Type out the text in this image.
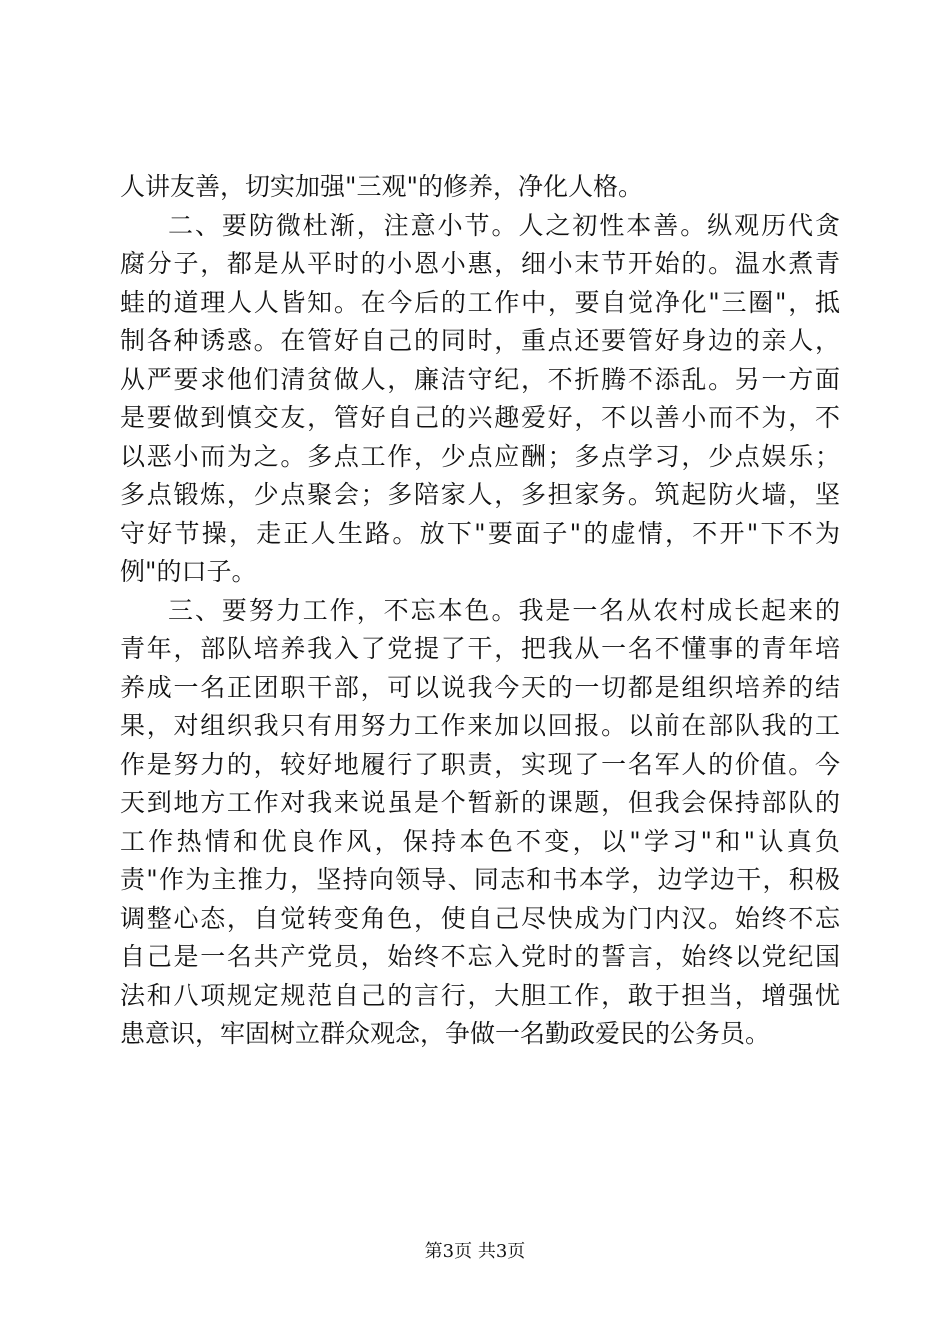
人讲友善，切实加强"三观"的修养，净化人格。
二、要防微杜渐，注意小节。人之初性本善。纵观历代贪
腐分子，都是从平时的小恩小惠，细小末节开始的。温水煮青
蛙的道理人人皆知。在今后的工作中，要自觉净化"三圈"，抵
制各种诱惑。在管好自己的同时，重点还要管好身边的亲人，
从严要求他们清贫做人，廉洁守纪，不折腾不添乱。另一方面
是要做到慎交友，管好自己的兴趣爱好，不以善小而不为，不
以恶小而为之。多点工作，少点应酬；多点学习，少点娱乐；
多点锻炼，少点聚会；多陪家人，多担家务。筑起防火墙，坚
守好节操，走正人生路。放下"要面子"的虚情，不开"下不为
例"的口子。
三、要努力工作，不忘本色。我是一名从农村成长起来的
青年，部队培养我入了党提了干，把我从一名不懂事的青年培
养成一名正团职干部，可以说我今天的一切都是组织培养的结
果，对组织我只有用努力工作来加以回报。以前在部队我的工
作是努力的，较好地履行了职责，实现了一名军人的价值。今
天到地方工作对我来说虽是个暂新的课题，但我会保持部队的
工作热情和优良作风，保持本色不变，以"学习"和"认真负
责"作为主推力，坚持向领导、同志和书本学，边学边干，积极
调整心态，自觉转变角色，使自己尽快成为门内汉。始终不忘
自己是一名共产党员，始终不忘入党时的誓言，始终以党纪国
法和八项规定规范自己的言行，大胆工作，敢于担当，增强忧
患意识，牢固树立群众观念，争做一名勤政爱民的公务员。
第3页 共3页
